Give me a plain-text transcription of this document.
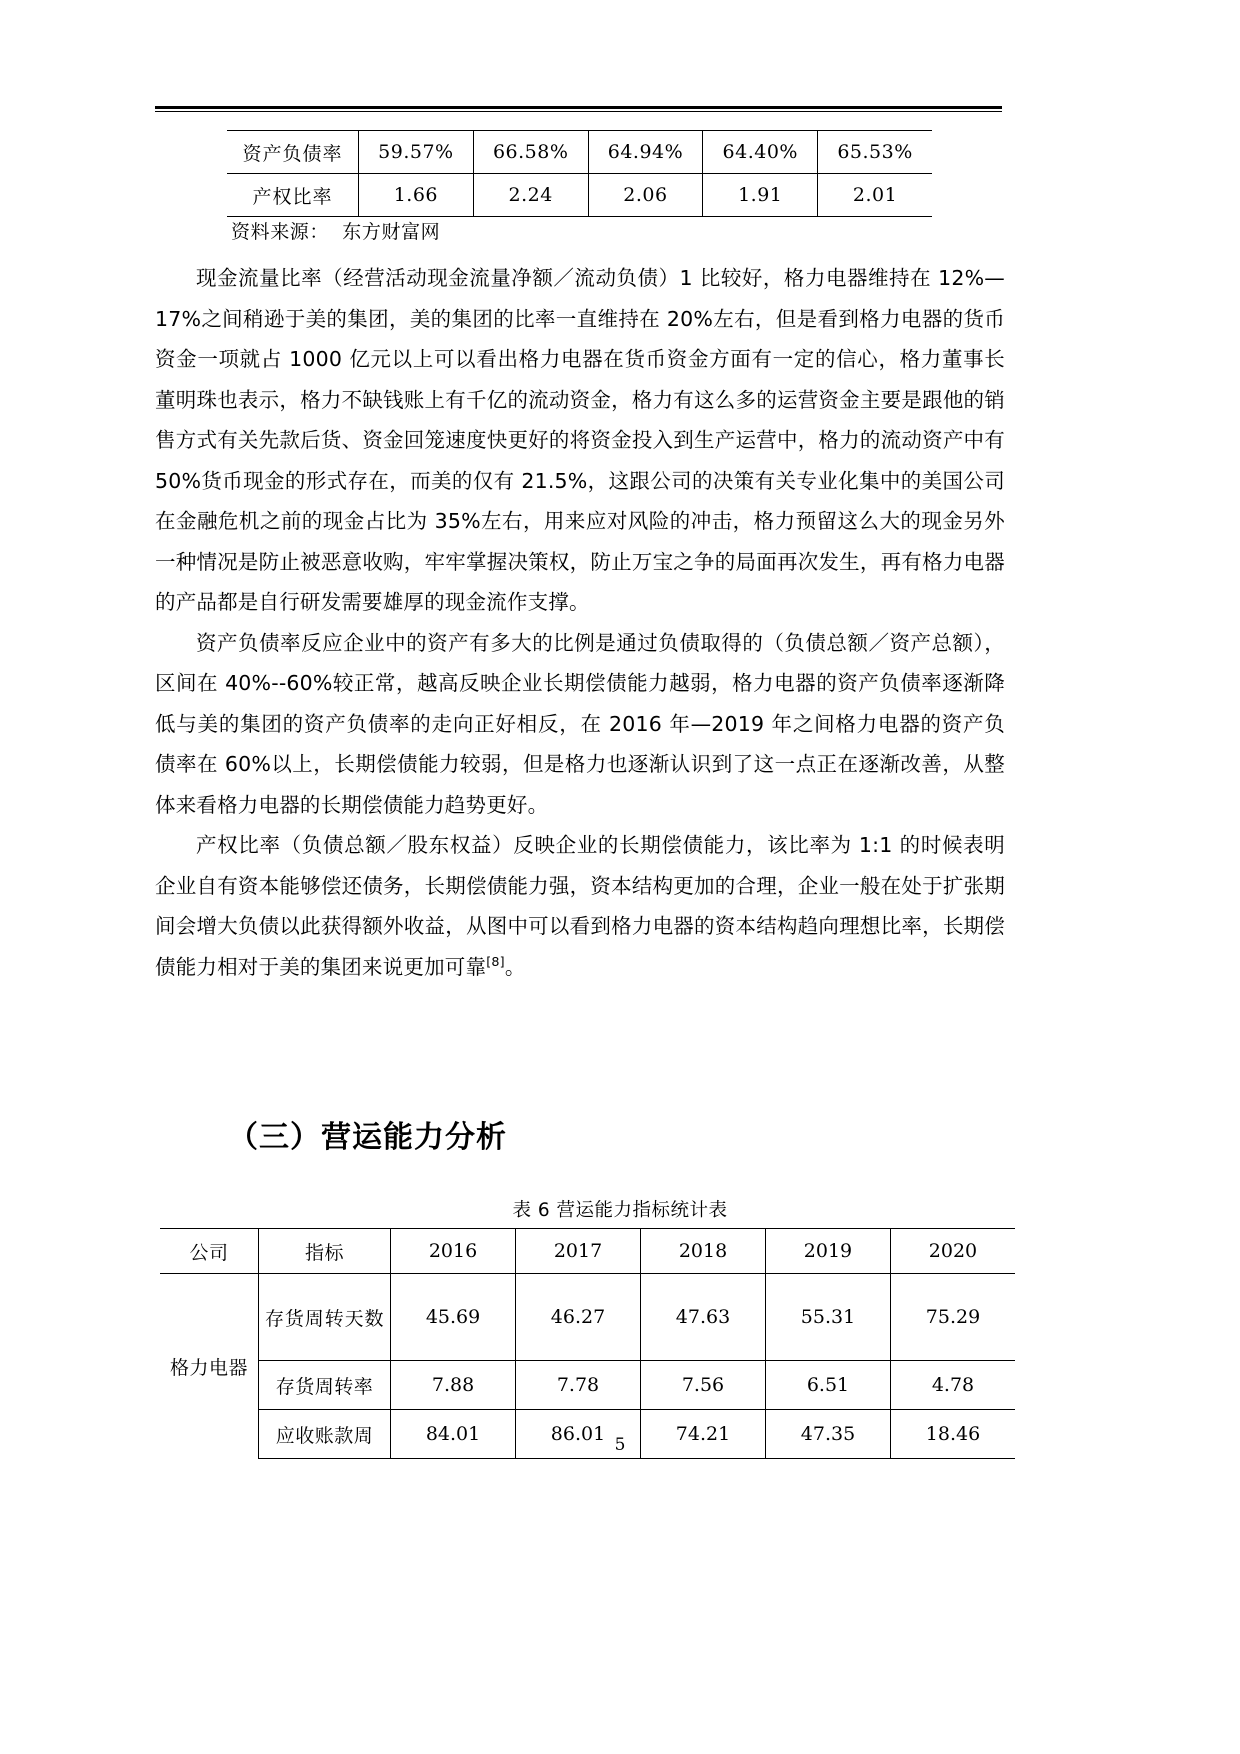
资产负债率	59.57%	66.58%	64.94%	64.40%	65.53%
产权比率	1.66	2.24	2.06	1.91	2.01
资料来源：  东方财富网

现金流量比率（经营活动现金流量净额／流动负债）1 比较好，格力电器维持在 12%—17%之间稍逊于美的集团，美的集团的比率一直维持在 20%左右，但是看到格力电器的货币资金一项就占 1000 亿元以上可以看出格力电器在货币资金方面有一定的信心，格力董事长董明珠也表示，格力不缺钱账上有千亿的流动资金，格力有这么多的运营资金主要是跟他的销售方式有关先款后货、资金回笼速度快更好的将资金投入到生产运营中，格力的流动资产中有 50%货币现金的形式存在，而美的仅有 21.5%，这跟公司的决策有关专业化集中的美国公司在金融危机之前的现金占比为 35%左右，用来应对风险的冲击，格力预留这么大的现金另外一种情况是防止被恶意收购，牢牢掌握决策权，防止万宝之争的局面再次发生，再有格力电器的产品都是自行研发需要雄厚的现金流作支撑。

资产负债率反应企业中的资产有多大的比例是通过负债取得的（负债总额／资产总额），区间在 40%--60%较正常，越高反映企业长期偿债能力越弱，格力电器的资产负债率逐渐降低与美的集团的资产负债率的走向正好相反，在 2016 年—2019 年之间格力电器的资产负债率在 60%以上，长期偿债能力较弱，但是格力也逐渐认识到了这一点正在逐渐改善，从整体来看格力电器的长期偿债能力趋势更好。

产权比率（负债总额／股东权益）反映企业的长期偿债能力，该比率为 1:1 的时候表明企业自有资本能够偿还债务，长期偿债能力强，资本结构更加的合理，企业一般在处于扩张期间会增大负债以此获得额外收益，从图中可以看到格力电器的资本结构趋向理想比率，长期偿债能力相对于美的集团来说更加可靠[8]。

（三）营运能力分析
表 6 营运能力指标统计表
公司	指标	2016	2017	2018	2019	2020
格力电器	存货周转天数	45.69	46.27	47.63	55.31	75.29
	存货周转率	7.88	7.78	7.56	6.51	4.78
	应收账款周	84.01	86.01	74.21	47.35	18.46
5
